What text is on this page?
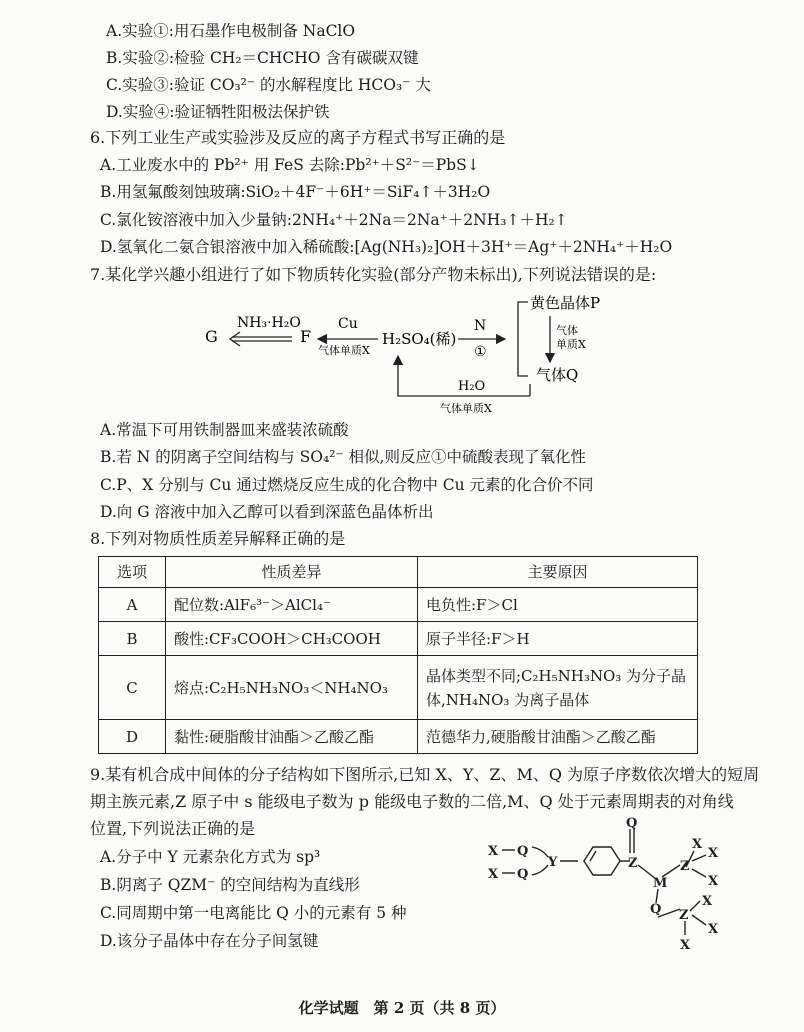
A.实验①:用石墨作电极制备 NaClO
B.实验②:检验 CH₂＝CHCHO 含有碳碳双键
C.实验③:验证 CO₃²⁻ 的水解程度比 HCO₃⁻ 大
D.实验④:验证牺牲阳极法保护铁
6.下列工业生产或实验涉及反应的离子方程式书写正确的是
A.工业废水中的 Pb²⁺ 用 FeS 去除:Pb²⁺＋S²⁻＝PbS↓
B.用氢氟酸刻蚀玻璃:SiO₂＋4F⁻＋6H⁺＝SiF₄↑＋3H₂O
C.氯化铵溶液中加入少量钠:2NH₄⁺＋2Na＝2Na⁺＋2NH₃↑＋H₂↑
D.氢氧化二氨合银溶液中加入稀硫酸:[Ag(NH₃)₂]OH＋3H⁺＝Ag⁺＋2NH₄⁺＋H₂O
7.某化学兴趣小组进行了如下物质转化实验(部分产物未标出),下列说法错误的是:
G
NH₃·H₂O
F
Cu
气体单质X
H₂SO₄(稀)
N
①
黄色晶体P
气体
单质X
气体Q
H₂O
气体单质X
A.常温下可用铁制器皿来盛装浓硫酸
B.若 N 的阴离子空间结构与 SO₄²⁻ 相似,则反应①中硫酸表现了氧化性
C.P、X 分别与 Cu 通过燃烧反应生成的化合物中 Cu 元素的化合价不同
D.向 G 溶液中加入乙醇可以看到深蓝色晶体析出
8.下列对物质性质差异解释正确的是
选项	性质差异	主要原因
A	配位数:AlF₆³⁻＞AlCl₄⁻	电负性:F＞Cl
B	酸性:CF₃COOH＞CH₃COOH	原子半径:F＞H
C	熔点:C₂H₅NH₃NO₃＜NH₄NO₃	晶体类型不同;C₂H₅NH₃NO₃ 为分子晶体,NH₄NO₃ 为离子晶体
D	黏性:硬脂酸甘油酯＞乙酸乙酯	范德华力,硬脂酸甘油酯＞乙酸乙酯
9.某有机合成中间体的分子结构如下图所示,已知 X、Y、Z、M、Q 为原子序数依次增大的短周
期主族元素,Z 原子中 s 能级电子数为 p 能级电子数的二倍,M、Q 处于元素周期表的对角线
位置,下列说法正确的是
A.分子中 Y 元素杂化方式为 sp³
B.阴离子 QZM⁻ 的空间结构为直线形
C.同周期中第一电离能比 Q 小的元素有 5 种
D.该分子晶体中存在分子间氢键
X
X
Q
Q
Y
Q
Z
M
Z
X
X
X
Q Z
X
X
X
化学试题　第 2 页（共 8 页）
